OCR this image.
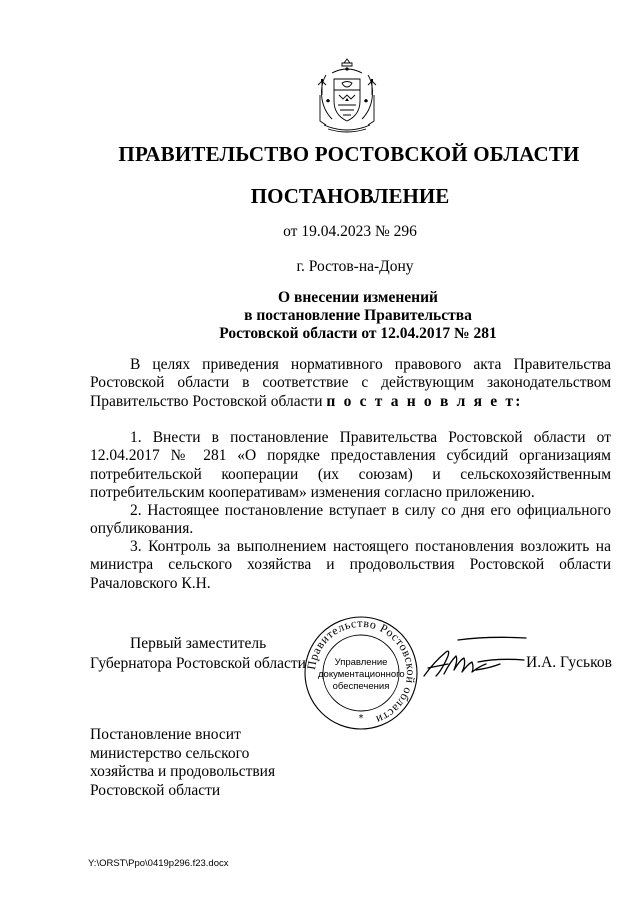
ПРАВИТЕЛЬСТВО РОСТОВСКОЙ ОБЛАСТИ
ПОСТАНОВЛЕНИЕ
от 19.04.2023 № 296
г. Ростов-на-Дону
О внесении изменений
в постановление Правительства
Ростовской области от 12.04.2017 № 281
В целях приведения нормативного правового акта Правительства Ростовской области в соответствие с действующим законодательством Правительство Ростовской области п о с т а н о в л я е т:
1. Внести в постановление Правительства Ростовской области от 12.04.2017 № 281 «О порядке предоставления субсидий организациям потребительской кооперации (их союзам) и сельскохозяйственным потребительским кооперативам» изменения согласно приложению.
2. Настоящее постановление вступает в силу со дня его официального опубликования.
3. Контроль за выполнением настоящего постановления возложить на министра сельского хозяйства и продовольствия Ростовской области Рачаловского К.Н.
Первый заместитель
Губернатора Ростовской области
Правительство Ростовской области
*
Управление
документационного
обеспечения
И.А. Гуськов
Постановление вносит
министерство сельского
хозяйства и продовольствия
Ростовской области
Y:\ORST\Ppo\0419p296.f23.docx
